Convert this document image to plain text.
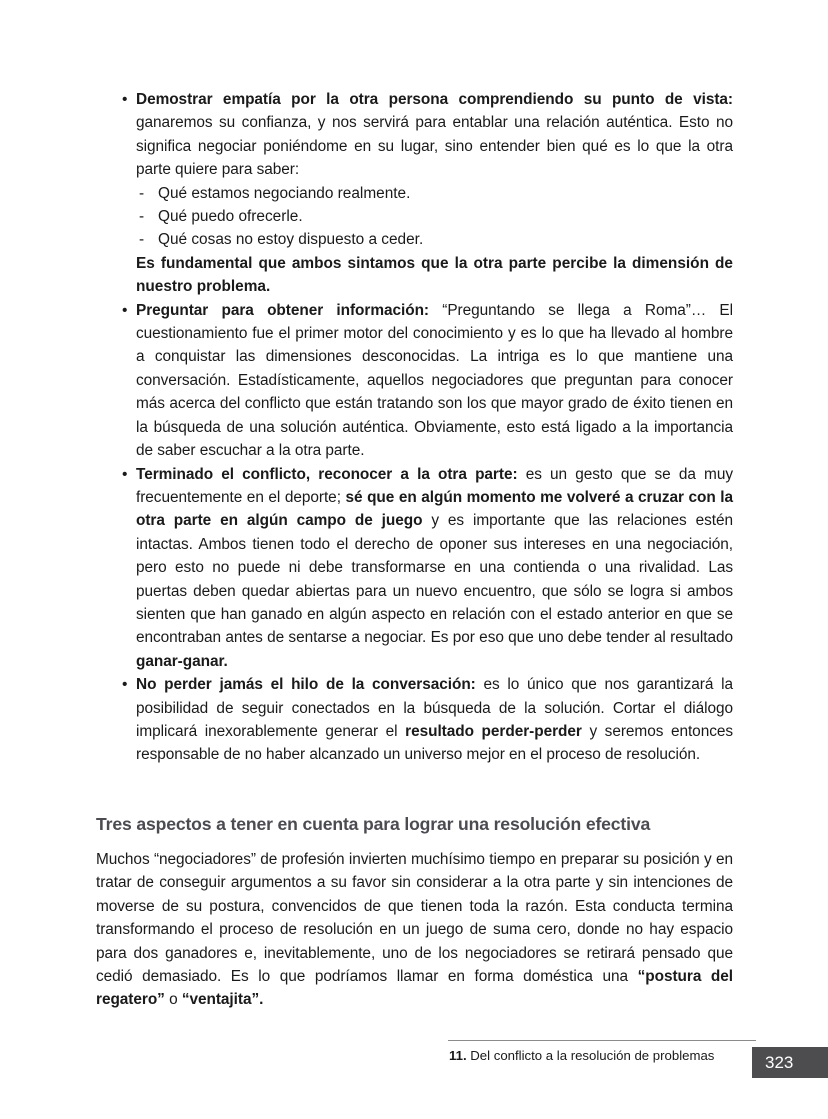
• Demostrar empatía por la otra persona comprendiendo su punto de vista: ganaremos su confianza, y nos servirá para entablar una relación auténtica. Esto no significa negociar poniéndome en su lugar, sino entender bien qué es lo que la otra parte quiere para saber:

- Qué estamos negociando realmente.
- Qué puedo ofrecerle.
- Qué cosas no estoy dispuesto a ceder.

Es fundamental que ambos sintamos que la otra parte percibe la dimensión de nuestro problema.

• Preguntar para obtener información: “Preguntando se llega a Roma”… El cuestionamiento fue el primer motor del conocimiento y es lo que ha llevado al hombre a conquistar las dimensiones desconocidas. La intriga es lo que mantiene una conversación. Estadísticamente, aquellos negociadores que preguntan para conocer más acerca del conflicto que están tratando son los que mayor grado de éxito tienen en la búsqueda de una solución auténtica. Obviamente, esto está ligado a la importancia de saber escuchar a la otra parte.

• Terminado el conflicto, reconocer a la otra parte: es un gesto que se da muy frecuentemente en el deporte; sé que en algún momento me volveré a cruzar con la otra parte en algún campo de juego y es importante que las relaciones estén intactas. Ambos tienen todo el derecho de oponer sus intereses en una negociación, pero esto no puede ni debe transformarse en una contienda o una rivalidad. Las puertas deben quedar abiertas para un nuevo encuentro, que sólo se logra si ambos sienten que han ganado en algún aspecto en relación con el estado anterior en que se encontraban antes de sentarse a negociar. Es por eso que uno debe tender al resultado ganar-ganar.

• No perder jamás el hilo de la conversación: es lo único que nos garantizará la posibilidad de seguir conectados en la búsqueda de la solución. Cortar el diálogo implicará inexorablemente generar el resultado perder-perder y seremos entonces responsable de no haber alcanzado un universo mejor en el proceso de resolución.

Tres aspectos a tener en cuenta para lograr una resolución efectiva

Muchos “negociadores” de profesión invierten muchísimo tiempo en preparar su posición y en tratar de conseguir argumentos a su favor sin considerar a la otra parte y sin intenciones de moverse de su postura, convencidos de que tienen toda la razón. Esta conducta termina transformando el proceso de resolución en un juego de suma cero, donde no hay espacio para dos ganadores e, inevitablemente, uno de los negociadores se retirará pensado que cedió demasiado. Es lo que podríamos llamar en forma doméstica una “postura del regatero” o “ventajita”.

11. Del conflicto a la resolución de problemas	323
